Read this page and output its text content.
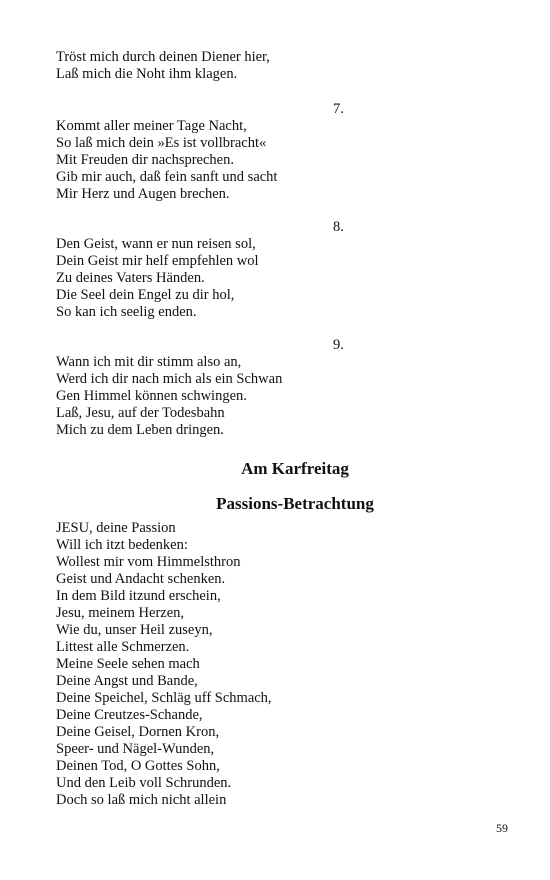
Tröst mich durch deinen Diener hier,
Laß mich die Noht ihm klagen.
7.
Kommt aller meiner Tage Nacht,
So laß mich dein »Es ist vollbracht«
Mit Freuden dir nachsprechen.
Gib mir auch, daß fein sanft und sacht
Mir Herz und Augen brechen.
8.
Den Geist, wann er nun reisen sol,
Dein Geist mir helf empfehlen wol
Zu deines Vaters Händen.
Die Seel dein Engel zu dir hol,
So kan ich seelig enden.
9.
Wann ich mit dir stimm also an,
Werd ich dir nach mich als ein Schwan
Gen Himmel können schwingen.
Laß, Jesu, auf der Todesbahn
Mich zu dem Leben dringen.
Am Karfreitag
Passions-Betrachtung
JESU, deine Passion
Will ich itzt bedenken:
Wollest mir vom Himmelsthron
Geist und Andacht schenken.
In dem Bild itzund erschein,
Jesu, meinem Herzen,
Wie du, unser Heil zuseyn,
Littest alle Schmerzen.
Meine Seele sehen mach
Deine Angst und Bande,
Deine Speichel, Schläg uff Schmach,
Deine Creutzes-Schande,
Deine Geisel, Dornen Kron,
Speer- und Nägel-Wunden,
Deinen Tod, O Gottes Sohn,
Und den Leib voll Schrunden.
Doch so laß mich nicht allein
59
